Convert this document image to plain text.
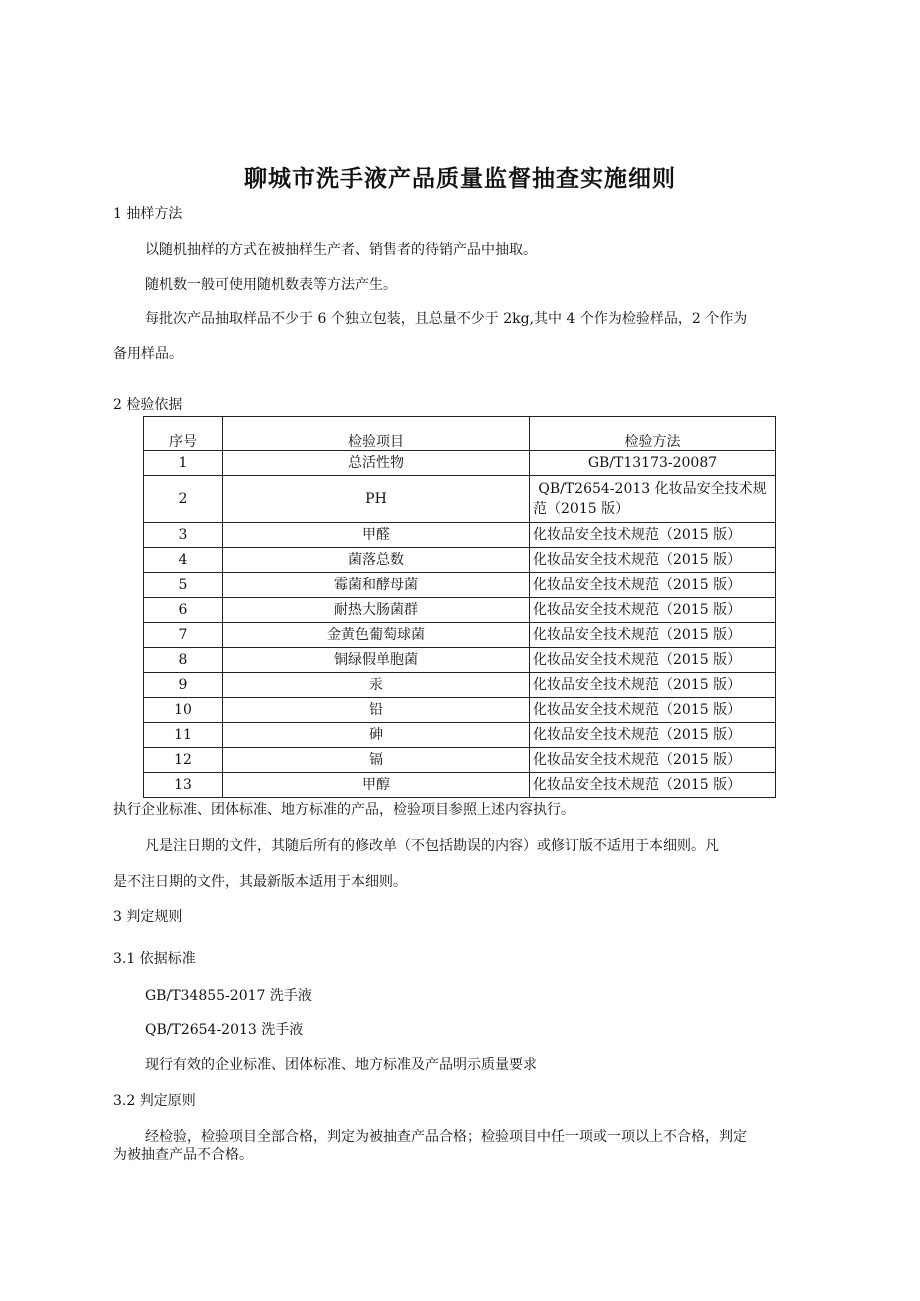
聊城市洗手液产品质量监督抽查实施细则
1 抽样方法
以随机抽样的方式在被抽样生产者、销售者的待销产品中抽取。
随机数一般可使用随机数表等方法产生。
每批次产品抽取样品不少于 6 个独立包装，且总量不少于 2kg,其中 4 个作为检验样品，2 个作为
备用样品。
2 检验依据
序号	检验项目	检验方法
1	总活性物	GB/T13173-20087
2	PH	QB/T2654-2013 化妆品安全技术规
范（2015 版）

3	甲醛	化妆品安全技术规范（2015 版）
4	菌落总数	化妆品安全技术规范（2015 版）
5	霉菌和酵母菌	化妆品安全技术规范（2015 版）
6	耐热大肠菌群	化妆品安全技术规范（2015 版）
7	金黄色葡萄球菌	化妆品安全技术规范（2015 版）
8	铜绿假单胞菌	化妆品安全技术规范（2015 版）
9	汞	化妆品安全技术规范（2015 版）
10	铅	化妆品安全技术规范（2015 版）
11	砷	化妆品安全技术规范（2015 版）
12	镉	化妆品安全技术规范（2015 版）
13	甲醇	化妆品安全技术规范（2015 版）
执行企业标准、团体标准、地方标准的产品，检验项目参照上述内容执行。
凡是注日期的文件，其随后所有的修改单（不包括勘误的内容）或修订版不适用于本细则。凡
是不注日期的文件，其最新版本适用于本细则。
3 判定规则
3.1 依据标准
GB/T34855-2017 洗手液
QB/T2654-2013 洗手液
现行有效的企业标准、团体标准、地方标准及产品明示质量要求
3.2 判定原则
经检验，检验项目全部合格，判定为被抽查产品合格；检验项目中任一项或一项以上不合格，判定
为被抽查产品不合格。
